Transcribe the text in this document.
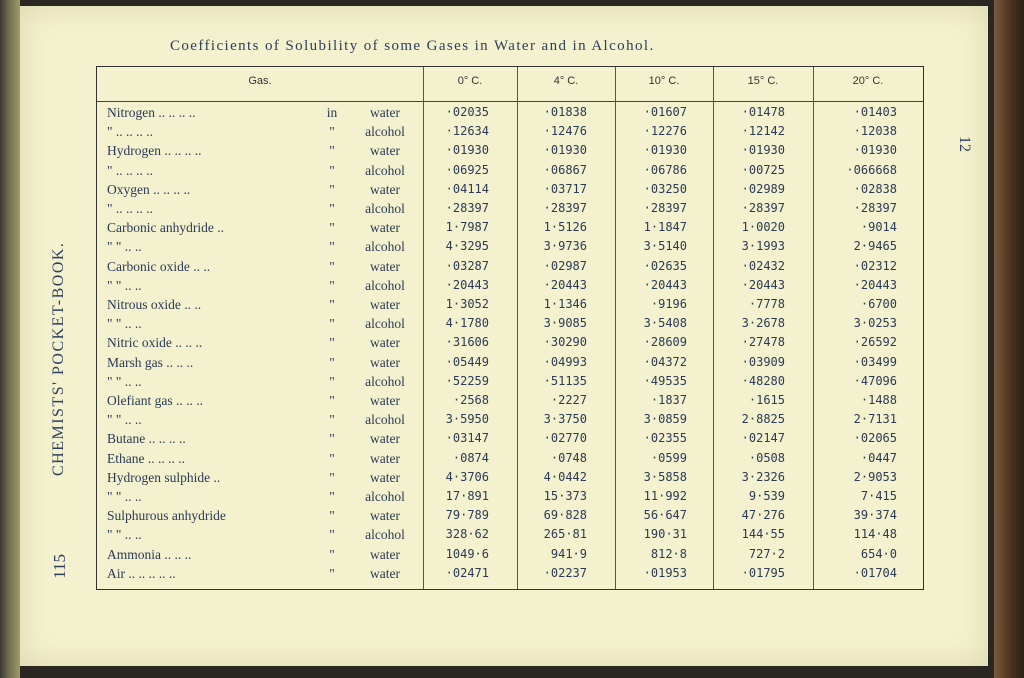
Coefficients of Solubility of some Gases in Water and in Alcohol.
CHEMISTS' POCKET-BOOK.
115
12
Gas.	0° C.	4° C.	10° C.	15° C.	20° C.
Nitrogen .. .. .. ..	in	water	·02035	·01838	·01607	·01478	·01403
" .. .. .. ..	"	alcohol	·12634	·12476	·12276	·12142	·12038
Hydrogen .. .. .. ..	"	water	·01930	·01930	·01930	·01930	·01930
" .. .. .. ..	"	alcohol	·06925	·06867	·06786	·00725	·066668
Oxygen .. .. .. ..	"	water	·04114	·03717	·03250	·02989	·02838
" .. .. .. ..	"	alcohol	·28397	·28397	·28397	·28397	·28397
Carbonic anhydride ..	"	water	1·7987	1·5126	1·1847	1·0020	·9014
" " .. ..	"	alcohol	4·3295	3·9736	3·5140	3·1993	2·9465
Carbonic oxide .. ..	"	water	·03287	·02987	·02635	·02432	·02312
" " .. ..	"	alcohol	·20443	·20443	·20443	·20443	·20443
Nitrous oxide .. ..	"	water	1·3052	1·1346	·9196	·7778	·6700
" " .. ..	"	alcohol	4·1780	3·9085	3·5408	3·2678	3·0253
Nitric oxide .. .. ..	"	water	·31606	·30290	·28609	·27478	·26592
Marsh gas .. .. ..	"	water	·05449	·04993	·04372	·03909	·03499
" " .. ..	"	alcohol	·52259	·51135	·49535	·48280	·47096
Olefiant gas .. .. ..	"	water	·2568	·2227	·1837	·1615	·1488
" " .. ..	"	alcohol	3·5950	3·3750	3·0859	2·8825	2·7131
Butane .. .. .. ..	"	water	·03147	·02770	·02355	·02147	·02065
Ethane .. .. .. ..	"	water	·0874	·0748	·0599	·0508	·0447
Hydrogen sulphide ..	"	water	4·3706	4·0442	3·5858	3·2326	2·9053
" " .. ..	"	alcohol	17·891	15·373	11·992	9·539	7·415
Sulphurous anhydride	"	water	79·789	69·828	56·647	47·276	39·374
" " .. ..	"	alcohol	328·62	265·81	190·31	144·55	114·48
Ammonia .. .. ..	"	water	1049·6	941·9	812·8	727·2	654·0
Air .. .. .. .. ..	"	water	·02471	·02237	·01953	·01795	·01704
